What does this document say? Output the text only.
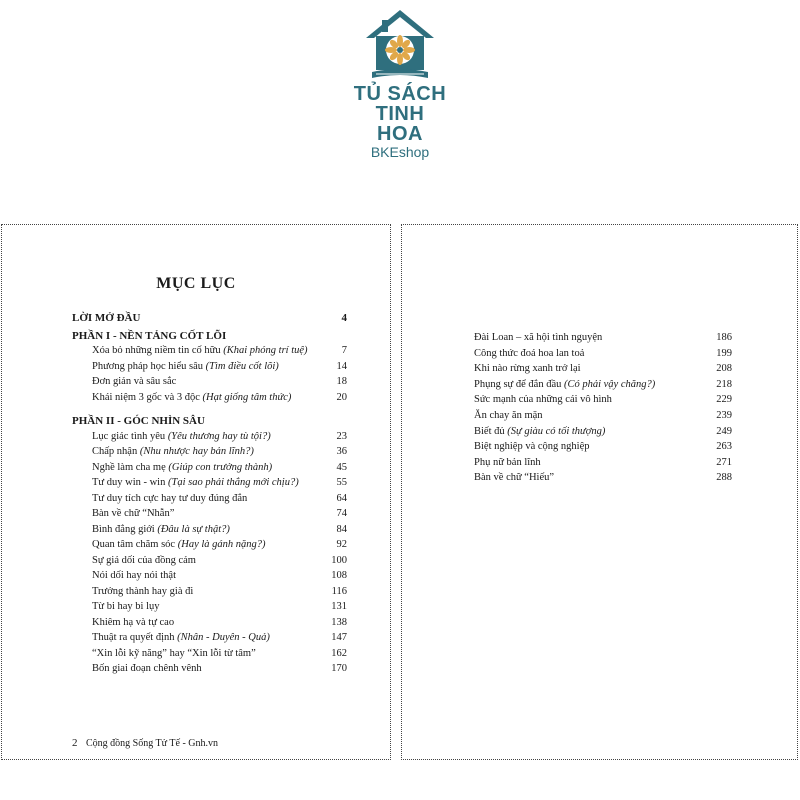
TỦ SÁCH
TINH HOA
BKEshop
MỤC LỤC
LỜI MỞ ĐẦU	4
PHẦN I - NỀN TẢNG CỐT LÕI
Xóa bỏ những niềm tin cố hữu (Khai phóng trí tuệ)	7
Phương pháp học hiểu sâu (Tìm điều cốt lõi)	14
Đơn giản và sâu sắc	18
Khái niệm 3 gốc và 3 độc (Hạt giống tâm thức)	20
PHẦN II - GÓC NHÌN SÂU
Lục giác tình yêu (Yêu thương hay tù tội?)	23
Chấp nhận (Nhu nhược hay bản lĩnh?)	36
Nghề làm cha mẹ (Giúp con trưởng thành)	45
Tư duy win - win (Tại sao phải thắng mới chịu?)	55
Tư duy tích cực hay tư duy đúng đắn	64
Bàn về chữ “Nhẫn”	74
Bình đẳng giới (Đâu là sự thật?)	84
Quan tâm chăm sóc (Hay là gánh nặng?)	92
Sự giả dối của đồng cảm	100
Nói dối hay nói thật	108
Trưởng thành hay già đi	116
Từ bi hay bi lụy	131
Khiêm hạ và tự cao	138
Thuật ra quyết định (Nhân - Duyên - Quả)	147
“Xin lỗi kỹ năng” hay “Xin lỗi từ tâm”	162
Bốn giai đoạn chênh vênh	170
2 Cộng đồng Sống Tử Tế - Gnh.vn
Đài Loan – xã hội tình nguyện	186
Công thức đoá hoa lan toả	199
Khi nào rừng xanh trở lại	208
Phụng sự để đắn đầu (Có phải vậy chăng?)	218
Sức mạnh của những cái vô hình	229
Ăn chay ăn mặn	239
Biết đủ (Sự giàu có tối thượng)	249
Biệt nghiệp và cộng nghiệp	263
Phụ nữ bản lĩnh	271
Bàn về chữ “Hiếu”	288
